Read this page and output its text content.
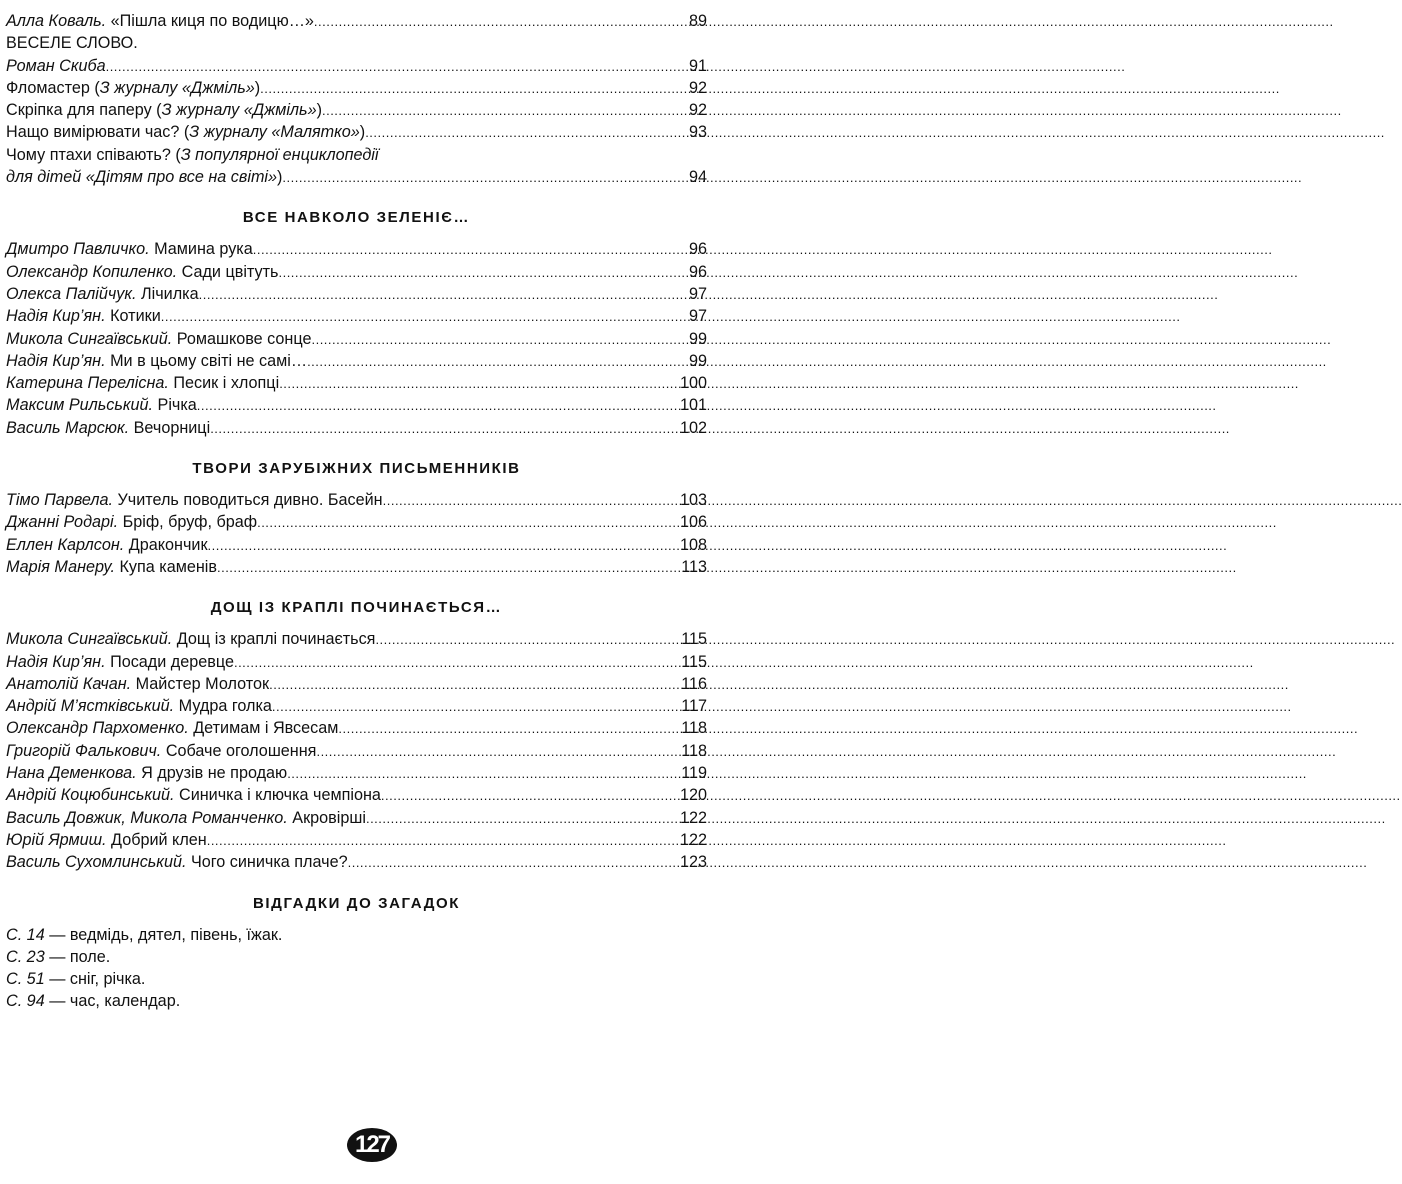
Алла Коваль. «Пішла киця по водицю…» .....	89
ВЕСЕЛЕ СЛОВО.
Роман Скиба .....	91
Фломастер (З журналу «Джміль») .....	92
Скріпка для паперу (З журналу «Джміль») .....	92
Нащо вимірювати час? (З журналу «Малятко») .....	93
Чому птахи співають? (З популярної енциклопедії
для дітей «Дітям про все на світі») .....	94
ВСЕ НАВКОЛО ЗЕЛЕНІЄ…
Дмитро Павличко. Мамина рука .....	96
Олександр Копиленко. Сади цвітуть .....	96
Олекса Палійчук. Лічилка .....	97
Надія Кир’ян. Котики .....	97
Микола Сингаївський. Ромашкове сонце .....	99
Надія Кир’ян. Ми в цьому світі не самі… .....	99
Катерина Перелісна. Песик і хлопці .....	100
Максим Рильський. Річка .....	101
Василь Марсюк. Вечорниці .....	102
ТВОРИ ЗАРУБІЖНИХ ПИСЬМЕННИКІВ
Тімо Парвела. Учитель поводиться дивно. Басейн .....	103
Джанні Родарі. Бріф, бруф, браф .....	106
Еллен Карлсон. Дракончик .....	108
Марія Манеру. Купа каменів .....	113
ДОЩ ІЗ КРАПЛІ ПОЧИНАЄТЬСЯ…
Микола Сингаївський. Дощ із краплі починається .....	115
Надія Кир’ян. Посади деревце .....	115
Анатолій Качан. Майстер Молоток .....	116
Андрій М’ястківський. Мудра голка .....	117
Олександр Пархоменко. Детимам і Явсесам .....	118
Григорій Фалькович. Собаче оголошення .....	118
Нана Деменкова. Я друзів не продаю .....	119
Андрій Коцюбинський. Синичка і ключка чемпіона .....	120
Василь Довжик, Микола Романченко. Акровірші .....	122
Юрій Ярмиш. Добрий клен .....	122
Василь Сухомлинський. Чого синичка плаче? .....	123
ВІДГАДКИ ДО ЗАГАДОК
С. 14 — ведмідь, дятел, півень, їжак.
С. 23 — поле.
С. 51 — сніг, річка.
С. 94 — час, календар.
127
